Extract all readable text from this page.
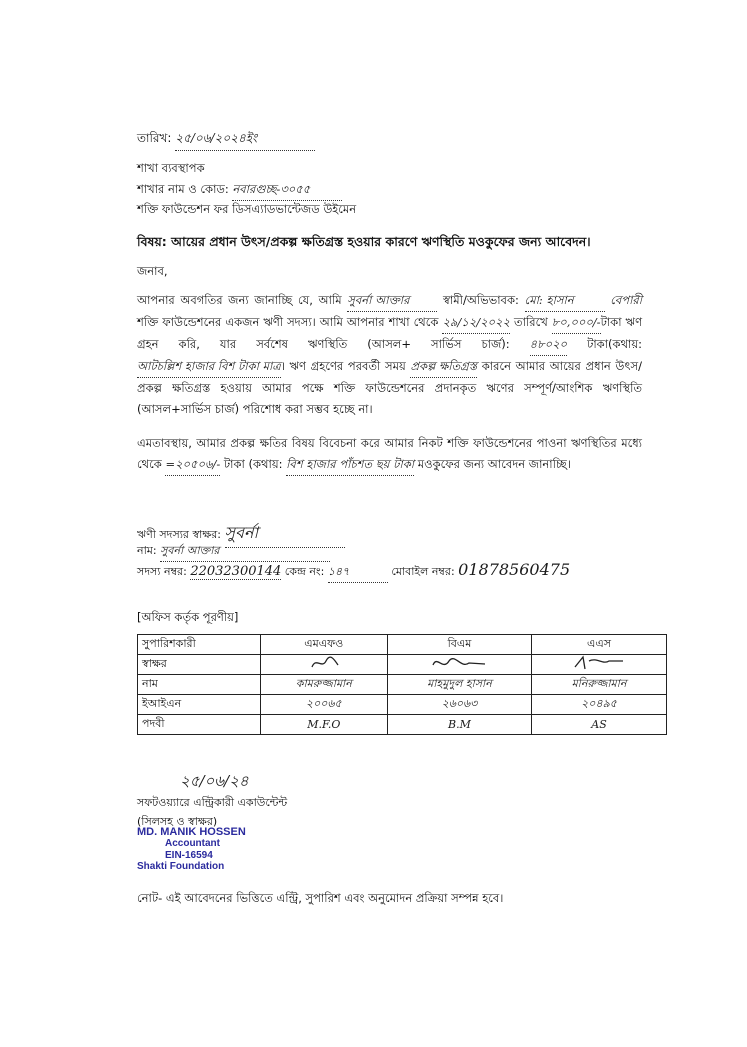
তারিখ: ২৫/০৬/২০২৪ইং
শাখা ব্যবস্থাপক
শাখার নাম ও কোড: নবারগুচ্ছ-৩০৫৫
শক্তি ফাউন্ডেশন ফর ডিসএ্যাডভান্টেজড উইমেন
বিষয়: আয়ের প্রধান উৎস/প্রকল্প ক্ষতিগ্রস্ত হওয়ার কারণে ঋণস্থিতি মওকুফের জন্য আবেদন।
জনাব,
আপনার অবগতির জন্য জানাচ্ছি যে, আমি সুবর্না আক্তার	স্বামী/অভিভাবক: মো: হাসান	বেপারী শক্তি ফাউন্ডেশনের একজন ঋণী সদস্য। আমি আপনার শাখা থেকে ২৯/১২/২০২২ তারিখে ৮০,০০০/-টাকা ঋণ গ্রহন করি, যার সর্বশেষ ঋণস্থিতি (আসল+ সার্ভিস চার্জ): ৪৮০২০ টাকা(কথায়: আটচল্লিশ হাজার বিশ টাকা মাত্র। ঋণ গ্রহণের পরবর্তী সময় প্রকল্প ক্ষতিগ্রস্ত কারনে আমার আয়ের প্রধান উৎস/প্রকল্প ক্ষতিগ্রস্ত হওয়ায় আমার পক্ষে শক্তি ফাউন্ডেশনের প্রদানকৃত ঋণের সম্পূর্ণ/আংশিক ঋণস্থিতি (আসল+সার্ভিস চার্জ) পরিশোধ করা সম্ভব হচ্ছে না।
এমতাবস্থায়, আমার প্রকল্প ক্ষতির বিষয় বিবেচনা করে আমার নিকট শক্তি ফাউন্ডেশনের পাওনা ঋণস্থিতির মধ্যে থেকে =২০৫০৬/- টাকা (কথায়: বিশ হাজার পাঁচশত ছয় টাকা মওকুফের জন্য আবেদন জানাচ্ছি।
ঋণী সদস্যর স্বাক্ষর: সুবর্না
নাম: সুবর্না আক্তার
সদস্য নম্বর: 22032300144 কেন্দ্র নং: ১৪৭	মোবাইল নম্বর: 01878560475
[অফিস কর্তৃক পূরণীয়]
সুপারিশকারী	এমএফও	বিএম	এএস
স্বাক্ষর			
নাম	কামরুজ্জামান	মাহমুদুল হাসান	মনিরুজ্জামান
ইআইএন	২০০৬৫	২৬০৬৩	২০৪৯৫
পদবী	M.F.O	B.M	AS
২৫/০৬/২৪
সফটওয়্যারে এন্ট্রিকারী একাউন্টেন্ট
(সিলসহ ও স্বাক্ষর)
MD. MANIK HOSSEN
Accountant
EIN-16594
Shakti Foundation
নোট- এই আবেদনের ভিত্তিতে এন্ট্রি, সুপারিশ এবং অনুমোদন প্রক্রিয়া সম্পন্ন হবে।
